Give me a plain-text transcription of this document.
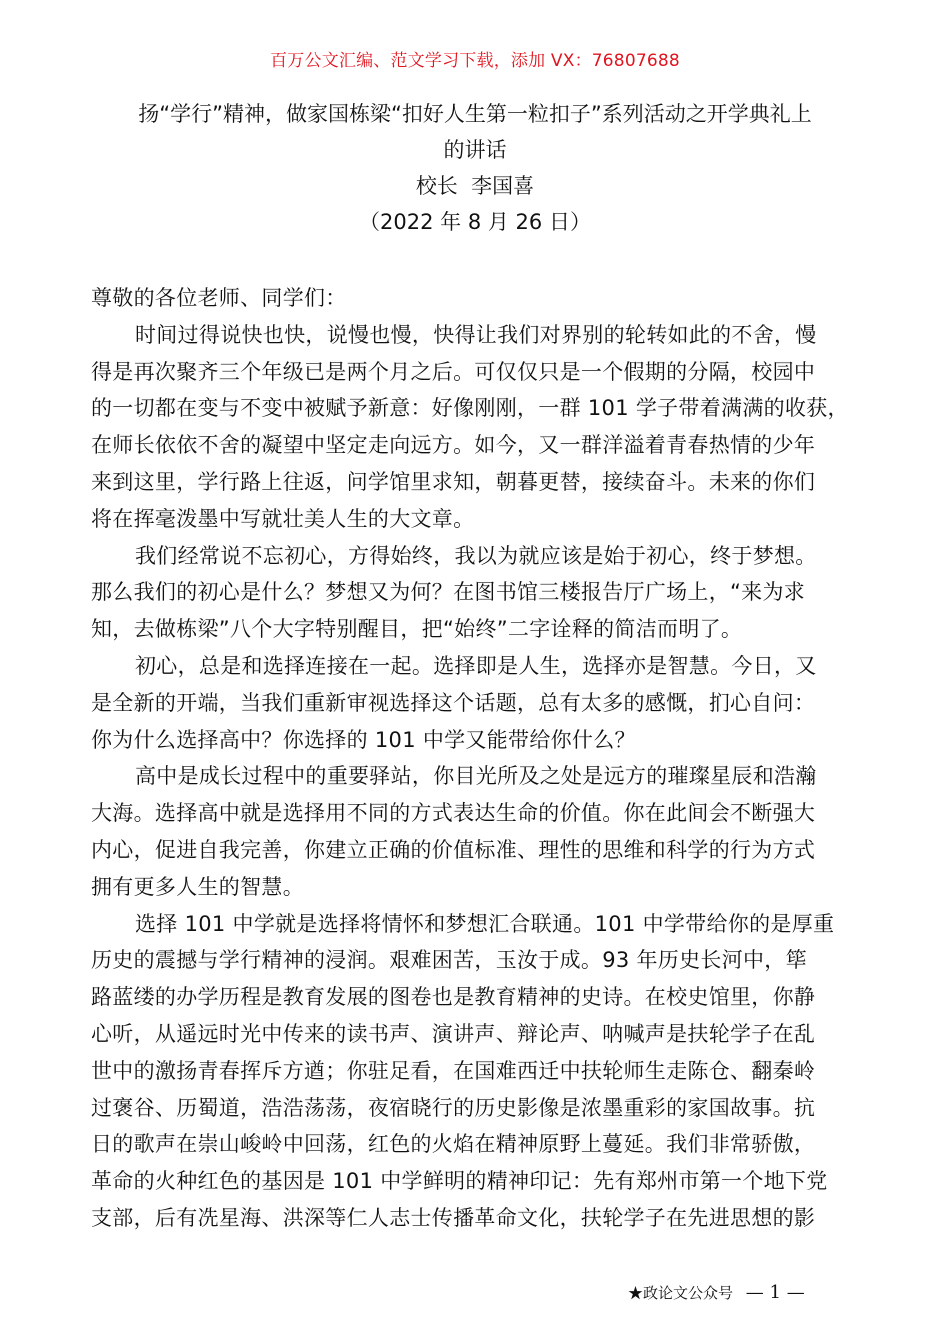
百万公文汇编、范文学习下载，添加 VX：76807688
扬“学行”精神，做家国栋梁“扣好人生第一粒扣子”系列活动之开学典礼上
的讲话
校长  李国喜
（2022 年 8 月 26 日）
尊敬的各位老师、同学们：
时间过得说快也快，说慢也慢，快得让我们对界别的轮转如此的不舍，慢
得是再次聚齐三个年级已是两个月之后。可仅仅只是一个假期的分隔，校园中
的一切都在变与不变中被赋予新意：好像刚刚，一群 101 学子带着满满的收获，
在师长依依不舍的凝望中坚定走向远方。如今，又一群洋溢着青春热情的少年
来到这里，学行路上往返，问学馆里求知，朝暮更替，接续奋斗。未来的你们
将在挥毫泼墨中写就壮美人生的大文章。
我们经常说不忘初心，方得始终，我以为就应该是始于初心，终于梦想。
那么我们的初心是什么？梦想又为何？在图书馆三楼报告厅广场上，“来为求
知，去做栋梁”八个大字特别醒目，把“始终”二字诠释的简洁而明了。
初心，总是和选择连接在一起。选择即是人生，选择亦是智慧。今日，又
是全新的开端，当我们重新审视选择这个话题，总有太多的感慨，扪心自问：
你为什么选择高中？你选择的 101 中学又能带给你什么？
高中是成长过程中的重要驿站，你目光所及之处是远方的璀璨星辰和浩瀚
大海。选择高中就是选择用不同的方式表达生命的价值。你在此间会不断强大
内心，促进自我完善，你建立正确的价值标准、理性的思维和科学的行为方式
拥有更多人生的智慧。
选择 101 中学就是选择将情怀和梦想汇合联通。101 中学带给你的是厚重
历史的震撼与学行精神的浸润。艰难困苦，玉汝于成。93 年历史长河中，筚
路蓝缕的办学历程是教育发展的图卷也是教育精神的史诗。在校史馆里，你静
心听，从遥远时光中传来的读书声、演讲声、辩论声、呐喊声是扶轮学子在乱
世中的激扬青春挥斥方遒；你驻足看，在国难西迁中扶轮师生走陈仓、翻秦岭
过褒谷、历蜀道，浩浩荡荡，夜宿晓行的历史影像是浓墨重彩的家国故事。抗
日的歌声在崇山峻岭中回荡，红色的火焰在精神原野上蔓延。我们非常骄傲，
革命的火种红色的基因是 101 中学鲜明的精神印记：先有郑州市第一个地下党
支部，后有冼星海、洪深等仁人志士传播革命文化，扶轮学子在先进思想的影
★政论文公众号 — 1 —
